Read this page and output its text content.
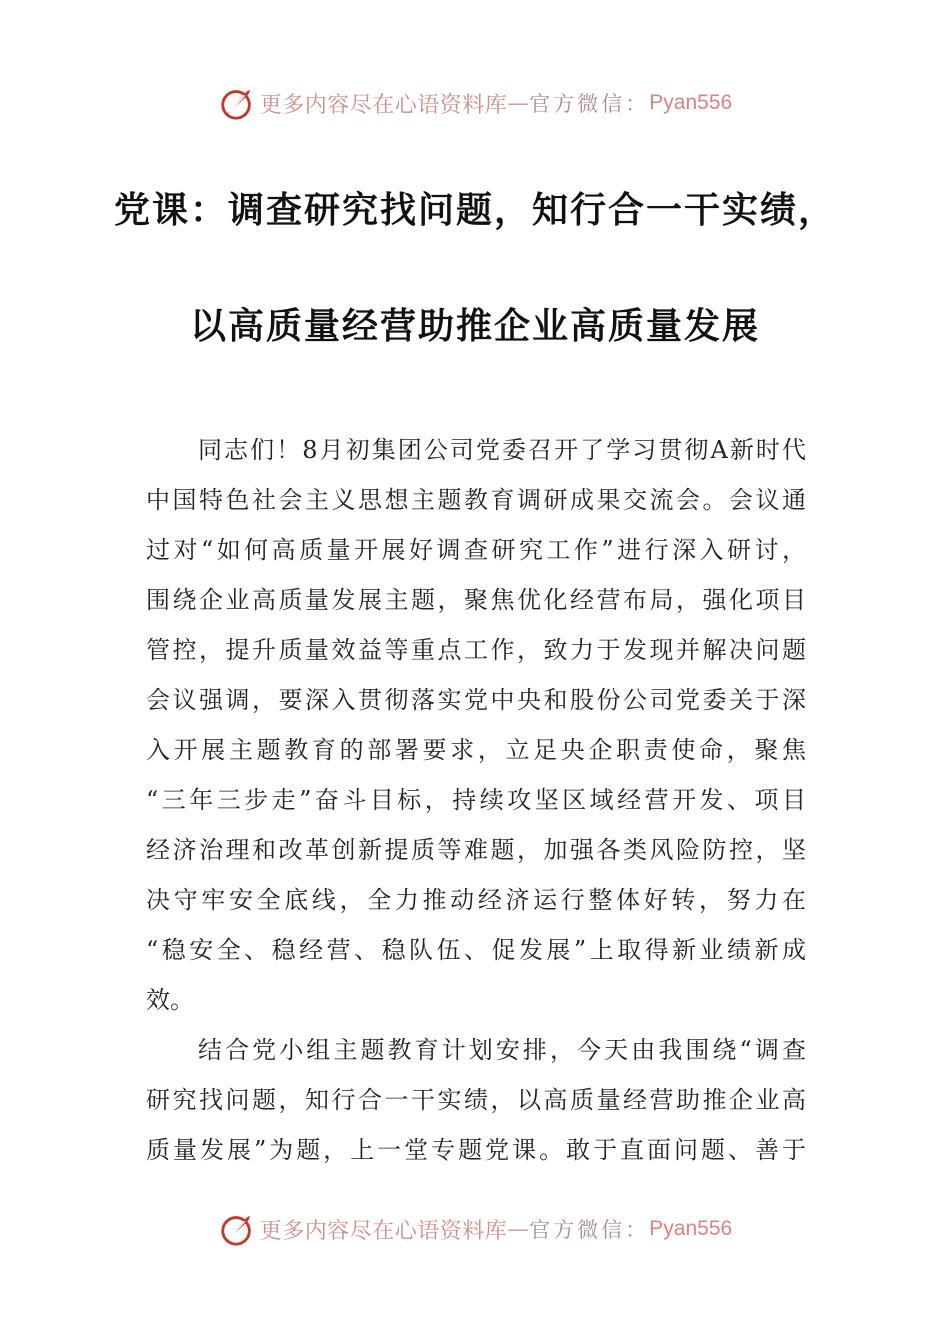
更多内容尽在心语资料库 — 官方微信： Pyan556
党课：调查研究找问题，知行合一干实绩，
以高质量经营助推企业高质量发展
同志们！8月初集团公司党委召开了学习贯彻A新时代
中国特色社会主义思想主题教育调研成果交流会。会议通
过对“如何高质量开展好调查研究工作”进行深入研讨，
围绕企业高质量发展主题，聚焦优化经营布局，强化项目
管控，提升质量效益等重点工作，致力于发现并解决问题
会议强调，要深入贯彻落实党中央和股份公司党委关于深
入开展主题教育的部署要求，立足央企职责使命，聚焦
“三年三步走”奋斗目标，持续攻坚区域经营开发、项目
经济治理和改革创新提质等难题，加强各类风险防控，坚
决守牢安全底线，全力推动经济运行整体好转，努力在
“稳安全、稳经营、稳队伍、促发展”上取得新业绩新成
效。
结合党小组主题教育计划安排，今天由我围绕“调查
研究找问题，知行合一干实绩，以高质量经营助推企业高
质量发展”为题，上一堂专题党课。敢于直面问题、善于
更多内容尽在心语资料库 — 官方微信： Pyan556
